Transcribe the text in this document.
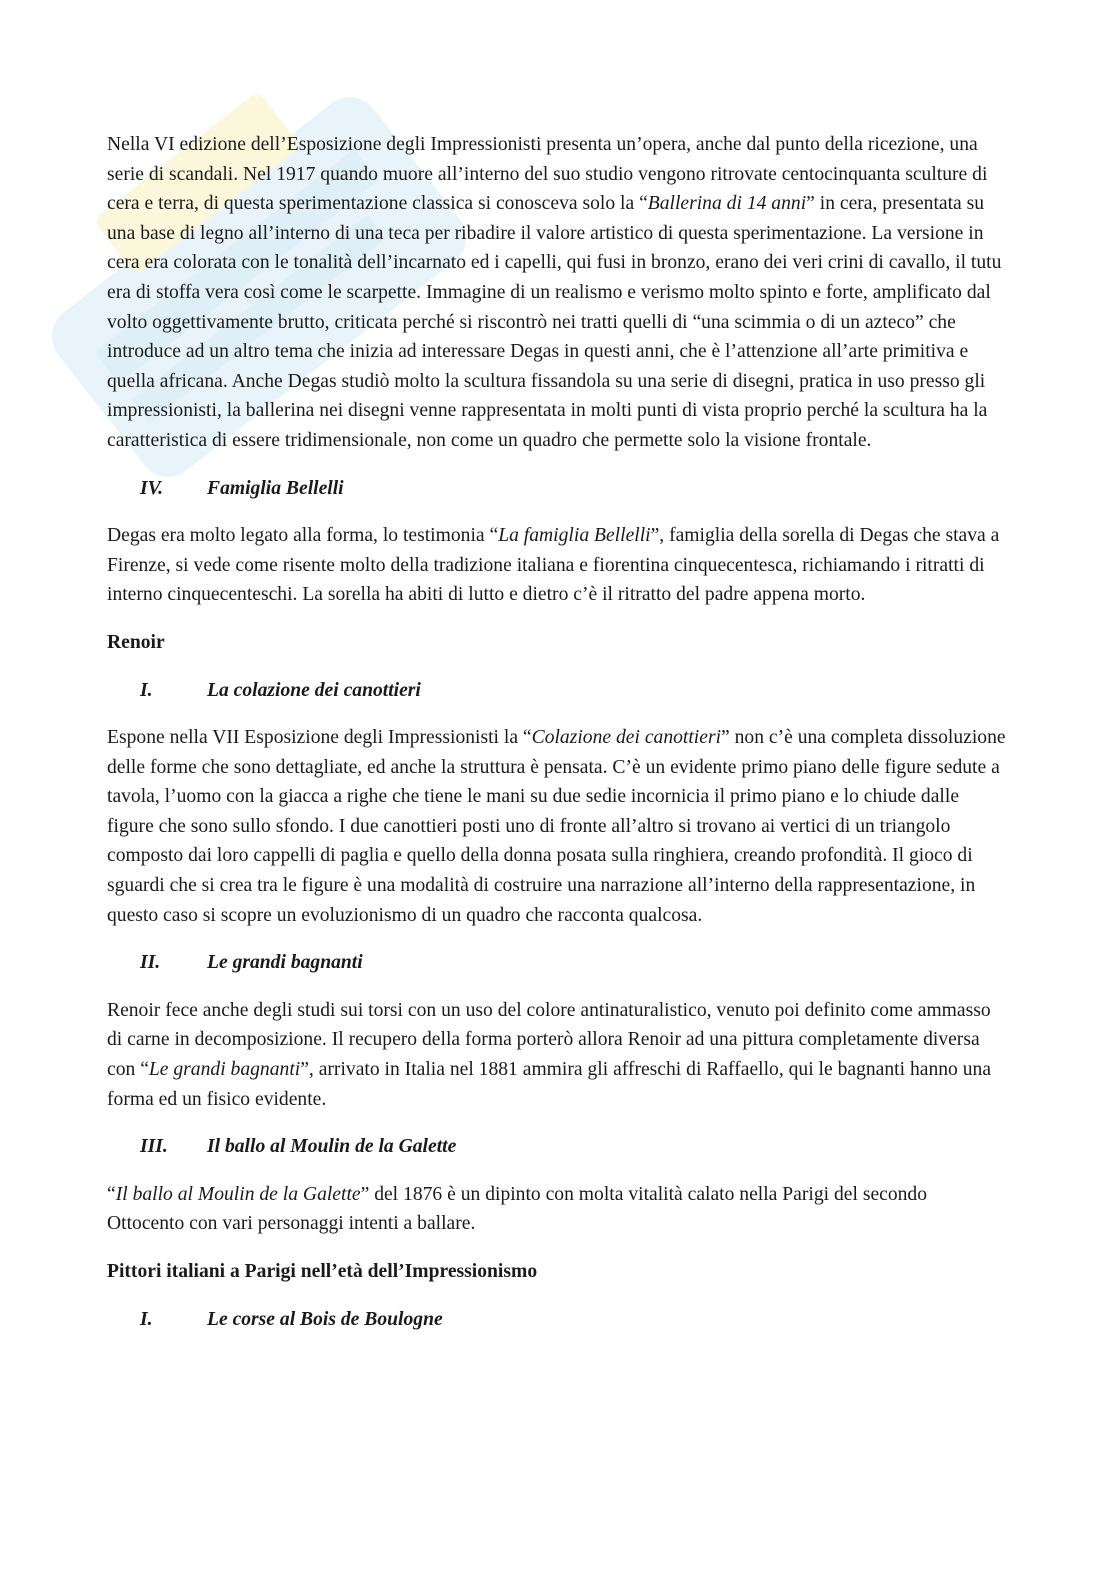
Nella VI edizione dell’Esposizione degli Impressionisti presenta un’opera, anche dal punto della ricezione, una serie di scandali. Nel 1917 quando muore all’interno del suo studio vengono ritrovate centocinquanta sculture di cera e terra, di questa sperimentazione classica si conosceva solo la “Ballerina di 14 anni” in cera, presentata su una base di legno all’interno di una teca per ribadire il valore artistico di questa sperimentazione. La versione in cera era colorata con le tonalità dell’incarnato ed i capelli, qui fusi in bronzo, erano dei veri crini di cavallo, il tutu era di stoffa vera così come le scarpette. Immagine di un realismo e verismo molto spinto e forte, amplificato dal volto oggettivamente brutto, criticata perché si riscontrò nei tratti quelli di “una scimmia o di un azteco” che introduce ad un altro tema che inizia ad interessare Degas in questi anni, che è l’attenzione all’arte primitiva e quella africana. Anche Degas studiò molto la scultura fissandola su una serie di disegni, pratica in uso presso gli impressionisti, la ballerina nei disegni venne rappresentata in molti punti di vista proprio perché la scultura ha la caratteristica di essere tridimensionale, non come un quadro che permette solo la visione frontale.

IV.	Famiglia Bellelli

Degas era molto legato alla forma, lo testimonia “La famiglia Bellelli”, famiglia della sorella di Degas che stava a Firenze, si vede come risente molto della tradizione italiana e fiorentina cinquecentesca, richiamando i ritratti di interno cinquecenteschi. La sorella ha abiti di lutto e dietro c’è il ritratto del padre appena morto.

Renoir
I.	La colazione dei canottieri

Espone nella VII Esposizione degli Impressionisti la “Colazione dei canottieri” non c’è una completa dissoluzione delle forme che sono dettagliate, ed anche la struttura è pensata. C’è un evidente primo piano delle figure sedute a tavola, l’uomo con la giacca a righe che tiene le mani su due sedie incornicia il primo piano e lo chiude dalle figure che sono sullo sfondo. I due canottieri posti uno di fronte all’altro si trovano ai vertici di un triangolo composto dai loro cappelli di paglia e quello della donna posata sulla ringhiera, creando profondità. Il gioco di sguardi che si crea tra le figure è una modalità di costruire una narrazione all’interno della rappresentazione, in questo caso si scopre un evoluzionismo di un quadro che racconta qualcosa.

II.	Le grandi bagnanti

Renoir fece anche degli studi sui torsi con un uso del colore antinaturalistico, venuto poi definito come ammasso di carne in decomposizione. Il recupero della forma porterò allora Renoir ad una pittura completamente diversa con “Le grandi bagnanti”, arrivato in Italia nel 1881 ammira gli affreschi di Raffaello, qui le bagnanti hanno una forma ed un fisico evidente.

III.	Il ballo al Moulin de la Galette

“Il ballo al Moulin de la Galette” del 1876 è un dipinto con molta vitalità calato nella Parigi del secondo Ottocento con vari personaggi intenti a ballare.

Pittori italiani a Parigi nell’età dell’Impressionismo
I.	Le corse al Bois de Boulogne
